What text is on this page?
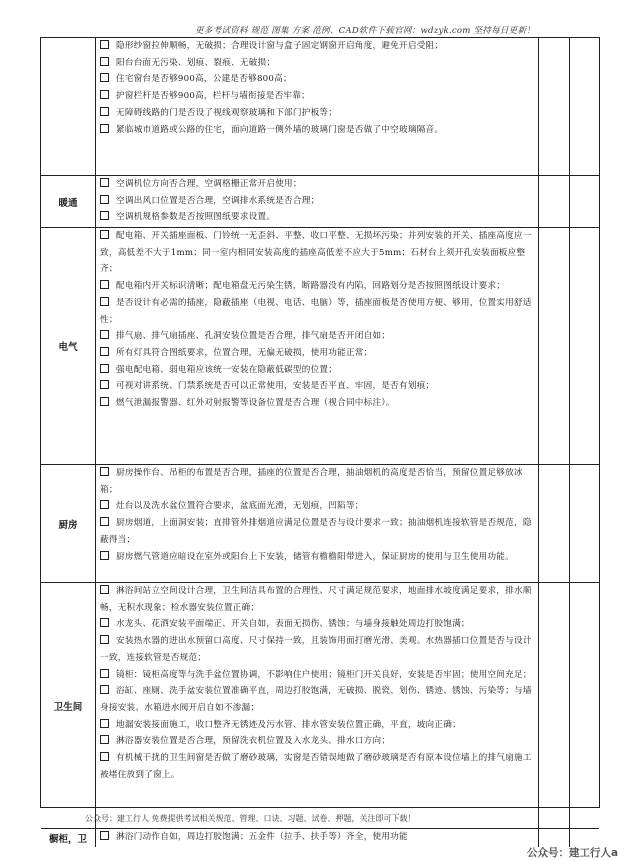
更多考试资料 规范 图集 方案 范例、CAD软件下载官网：wdzyk.com 坚持每日更新！
隐形纱窗拉伸顺畅，无破损；合理设计窗与盒子固定钢窗开启角度，避免开启受阻；
阳台台面无污染、划痕、裂痕、无破损；
住宅窗台是否够900高，公建是否够800高；
护窗栏杆是否够900高，栏杆与墙衔接是否牢靠；
无障碍线路的门是否设了视线观察玻璃和下部门护板等；
紧临城市道路或公路的住宅，面向道路一侧外墙的玻璃门窗是否做了中空玻璃隔音。
暖通
空调机位方向否合理，空调格栅正常开启使用；
空调出风口位置是否合理，空调排水系统是否合理；
空调机规格参数是否按照图纸要求设置。
电气
配电箱、开关插座面板、门铃统一无歪斜、平整、收口平整、无损坏污染；并列安装的开关、插座高度应一致，高低差不大于1mm；同一室内相同安装高度的插座高低差不应大于5mm；石材台上须开孔安装面板应整齐；
配电箱内开关标识清晰；配电箱盘无污染生锈，断路器没有内陷，回路划分是否按照图纸设计要求；
是否设计有必需的插座，隐蔽插座（电视、电话、电脑）等，插座面板是否使用方便、够用，位置实用舒适性；
排气扇、排气扇插座、孔洞安装位置是否合理，排气扇是否开闭自如；
所有灯具符合图纸要求，位置合理，无偏无破损，使用功能正常；
强电配电箱、弱电箱应该统一安装在隐蔽低碳型的位置；
可视对讲系统、门禁系统是否可以正常使用，安装是否平直、牢固，是否有划痕；
燃气泄漏报警器、红外对射报警等设备位置是否合理（视合同中标注）。
厨房
厨房操作台、吊柜的布置是否合理，插座的位置是否合理，抽油烟机的高度是否恰当，预留位置足够放冰箱；
灶台以及洗水盆位置符合要求，盆底面光滑，无划痕，凹陷等；
厨房烟道，上面洞安装；直排管外排烟道应满足位置是否与设计要求一致；抽油烟机连接软管是否规范，隐蔽得当；
厨房燃气管道应暗设在室外或阳台上下安装，储管有檐檐阳带进入，保证厨房的使用与卫生使用功能。
卫生间
淋浴间站立空间设计合理，卫生间洁具布置的合理性、尺寸满足规范要求，地面排水坡度满足要求，排水顺畅，无积水现象；检水器安装位置正确；
水龙头、花洒安装平面端正、开关自如，表面无损伤、锈蚀；与墙身接触处周边打胶饱满；
安装热水器的进出水预留口高度、尺寸保持一致，且装饰用面打磨光滑、美观。水热器插口位置是否与设计一致，连接软管是否规范；
镜柜：镜柜高度等与洗手盆位置协调，不影响住户使用；镜柜门开关良好，安装是否牢固；使用空间充足；
浴缸、座厕、洗手盆安装位置准确平直，周边打胶饱满，无破损、脱瓷、划伤、锈迹、锈蚀、污染等；与墙身接安装、水箱进水阀开启自如不渗漏；
地漏安装接面施工，收口整齐无锈迹及污水管、排水管安装位置正确，平直，坡向正确；
淋浴器安装位置是否合理，预留洗衣机位置及入水龙头、排水口方向；
有机械干扰的卫生间窗是否做了磨砂玻璃，实窗是否错误地做了磨砂玻璃是否有原本设位墙上的排气扇施工被堵住放到了窗上。
橱柜，卫	淋浴门动作自如，周边打胶饱满；五金件（拉手、扶手等）齐全，使用功能
公众号：建工行人 免费提供考试相关规范、管理、口诀、习题、试卷、押题，关注即可下载！
公众号：建工行人a
